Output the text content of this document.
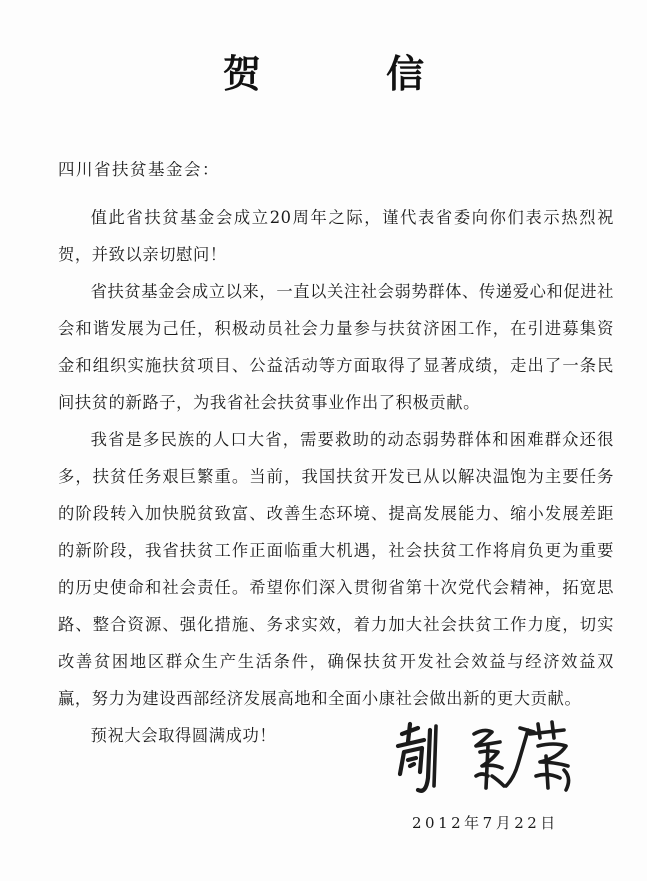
贺 信
四川省扶贫基金会：

值此省扶贫基金会成立20周年之际，谨代表省委向你们表示热烈祝贺，并致以亲切慰问！

省扶贫基金会成立以来，一直以关注社会弱势群体、传递爱心和促进社会和谐发展为己任，积极动员社会力量参与扶贫济困工作，在引进募集资金和组织实施扶贫项目、公益活动等方面取得了显著成绩，走出了一条民间扶贫的新路子，为我省社会扶贫事业作出了积极贡献。

我省是多民族的人口大省，需要救助的动态弱势群体和困难群众还很多，扶贫任务艰巨繁重。当前，我国扶贫开发已从以解决温饱为主要任务的阶段转入加快脱贫致富、改善生态环境、提高发展能力、缩小发展差距的新阶段，我省扶贫工作正面临重大机遇，社会扶贫工作将肩负更为重要的历史使命和社会责任。希望你们深入贯彻省第十次党代会精神，拓宽思路、整合资源、强化措施、务求实效，着力加大社会扶贫工作力度，切实改善贫困地区群众生产生活条件，确保扶贫开发社会效益与经济效益双赢，努力为建设西部经济发展高地和全面小康社会做出新的更大贡献。

预祝大会取得圆满成功！

2012年7月22日
